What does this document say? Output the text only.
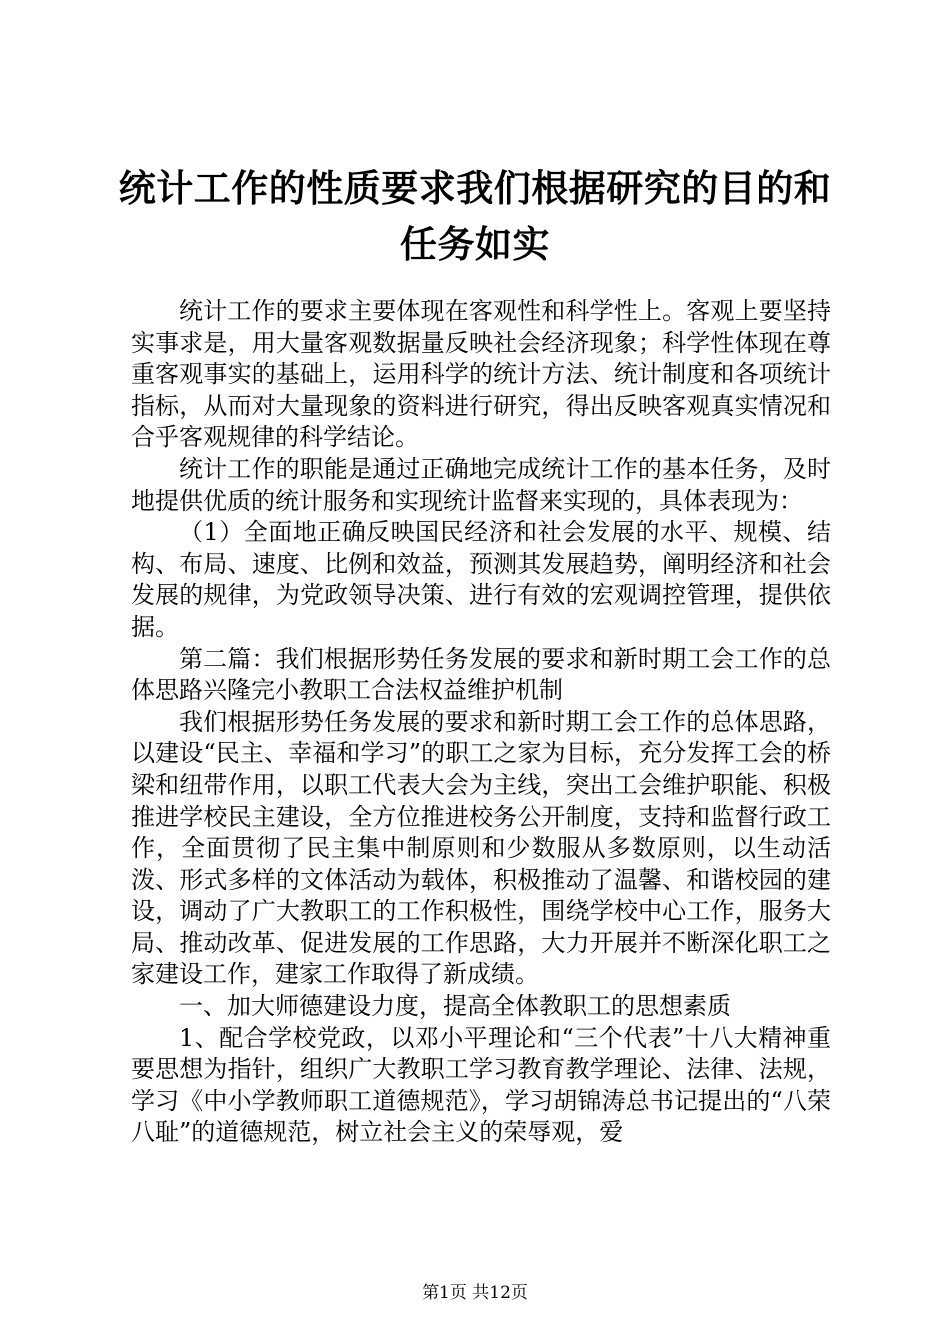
统计工作的性质要求我们根据研究的目的和任务如实

统计工作的要求主要体现在客观性和科学性上。客观上要坚持实事求是，用大量客观数据量反映社会经济现象；科学性体现在尊重客观事实的基础上，运用科学的统计方法、统计制度和各项统计指标，从而对大量现象的资料进行研究，得出反映客观真实情况和合乎客观规律的科学结论。

统计工作的职能是通过正确地完成统计工作的基本任务，及时地提供优质的统计服务和实现统计监督来实现的，具体表现为：

（1）全面地正确反映国民经济和社会发展的水平、规模、结构、布局、速度、比例和效益，预测其发展趋势，阐明经济和社会发展的规律，为党政领导决策、进行有效的宏观调控管理，提供依据。

第二篇：我们根据形势任务发展的要求和新时期工会工作的总体思路兴隆完小教职工合法权益维护机制

我们根据形势任务发展的要求和新时期工会工作的总体思路，以建设“民主、幸福和学习”的职工之家为目标，充分发挥工会的桥梁和纽带作用，以职工代表大会为主线，突出工会维护职能、积极推进学校民主建设，全方位推进校务公开制度，支持和监督行政工作，全面贯彻了民主集中制原则和少数服从多数原则，以生动活泼、形式多样的文体活动为载体，积极推动了温馨、和谐校园的建设，调动了广大教职工的工作积极性，围绕学校中心工作，服务大局、推动改革、促进发展的工作思路，大力开展并不断深化职工之家建设工作，建家工作取得了新成绩。

一、加大师德建设力度，提高全体教职工的思想素质

1、配合学校党政，以邓小平理论和“三个代表”十八大精神重要思想为指针，组织广大教职工学习教育教学理论、法律、法规，学习《中小学教师职工道德规范》，学习胡锦涛总书记提出的“八荣八耻”的道德规范，树立社会主义的荣辱观，爱

第1页 共12页
